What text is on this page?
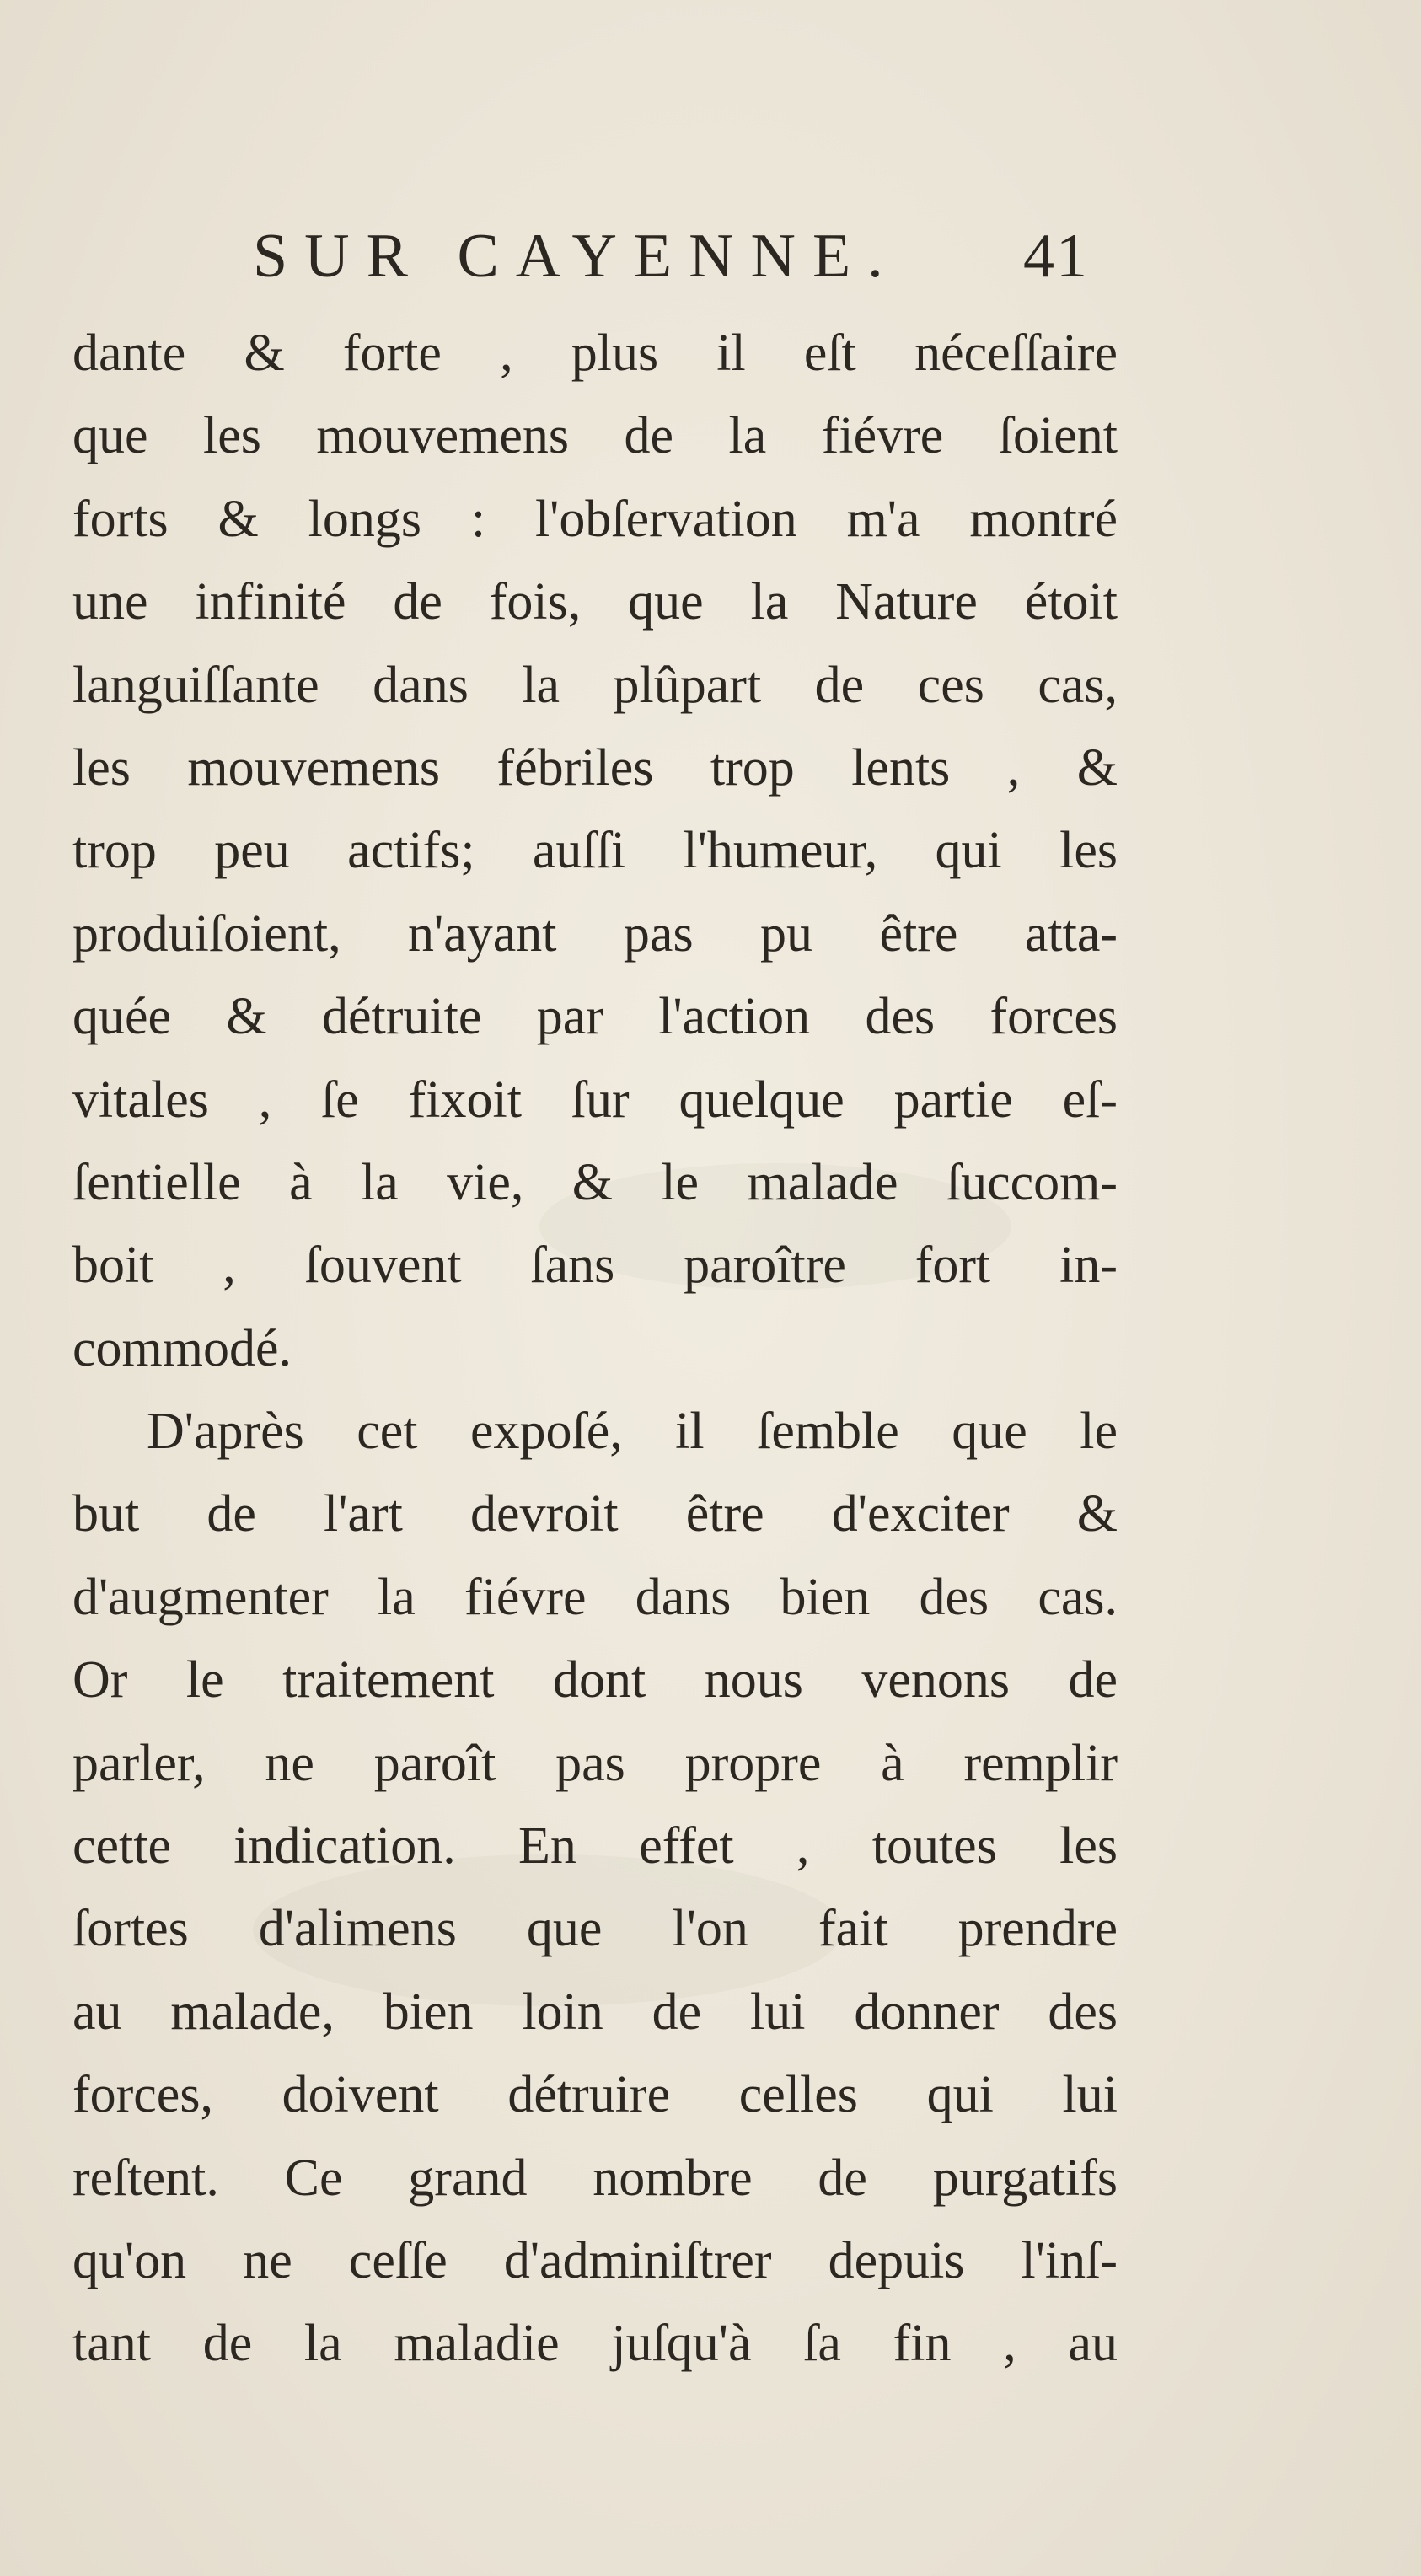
SUR CAYENNE. 41
dante & forte , plus il eſt néceſſaire
que les mouvemens de la fiévre ſoient
forts & longs : l'obſervation m'a montré
une infinité de fois, que la Nature étoit
languiſſante dans la plûpart de ces cas,
les mouvemens fébriles trop lents , &
trop peu actifs; auſſi l'humeur, qui les
produiſoient, n'ayant pas pu être atta-
quée & détruite par l'action des forces
vitales , ſe fixoit ſur quelque partie eſ-
ſentielle à la vie, & le malade ſuccom-
boit , ſouvent ſans paroître fort in-
commodé.
D'après cet expoſé, il ſemble que le
but de l'art devroit être d'exciter &
d'augmenter la fiévre dans bien des cas.
Or le traitement dont nous venons de
parler, ne paroît pas propre à remplir
cette indication. En effet , toutes les
ſortes d'alimens que l'on fait prendre
au malade, bien loin de lui donner des
forces, doivent détruire celles qui lui
reſtent. Ce grand nombre de purgatifs
qu'on ne ceſſe d'adminiſtrer depuis l'inſ-
tant de la maladie juſqu'à ſa fin , au
